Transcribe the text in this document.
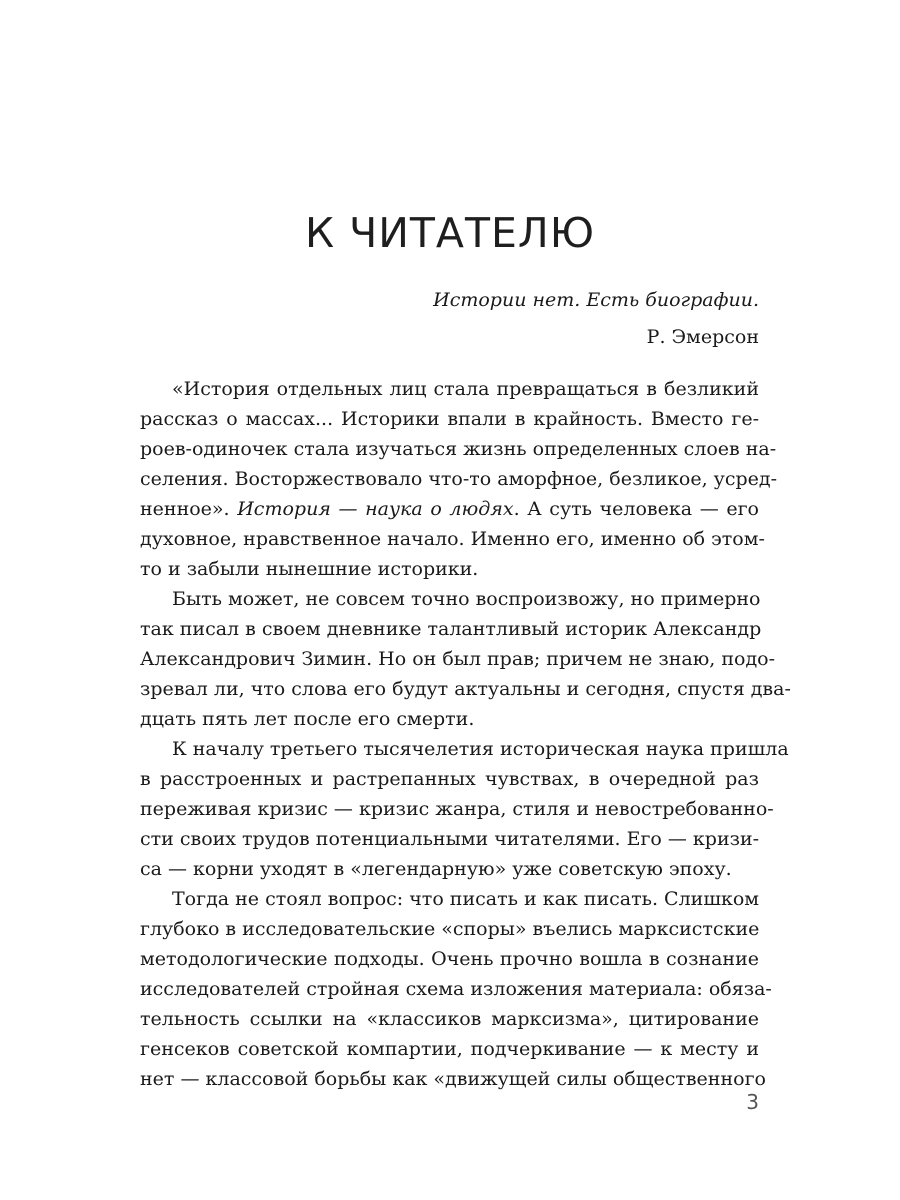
К ЧИТАТЕЛЮ
Истории нет. Есть биографии.
Р. Эмерсон
«История отдельных лиц стала превращаться в безликий
рассказ о массах... Историки впали в крайность. Вместо ге-
роев-одиночек стала изучаться жизнь определенных слоев на-
селения. Восторжествовало что-то аморфное, безликое, усред-
ненное». История — наука о людях. А суть человека — его
духовное, нравственное начало. Именно его, именно об этом-
то и забыли нынешние историки.
Быть может, не совсем точно воспроизвожу, но примерно
так писал в своем дневнике талантливый историк Александр
Александрович Зимин. Но он был прав; причем не знаю, подо-
зревал ли, что слова его будут актуальны и сегодня, спустя два-
дцать пять лет после его смерти.
К началу третьего тысячелетия историческая наука пришла
в расстроенных и растрепанных чувствах, в очередной раз
переживая кризис — кризис жанра, стиля и невостребованно-
сти своих трудов потенциальными читателями. Его — кризи-
са — корни уходят в «легендарную» уже советскую эпоху.
Тогда не стоял вопрос: что писать и как писать. Слишком
глубоко в исследовательские «споры» въелись марксистские
методологические подходы. Очень прочно вошла в сознание
исследователей стройная схема изложения материала: обяза-
тельность ссылки на «классиков марксизма», цитирование
генсеков советской компартии, подчеркивание — к месту и
нет — классовой борьбы как «движущей силы общественного
3
